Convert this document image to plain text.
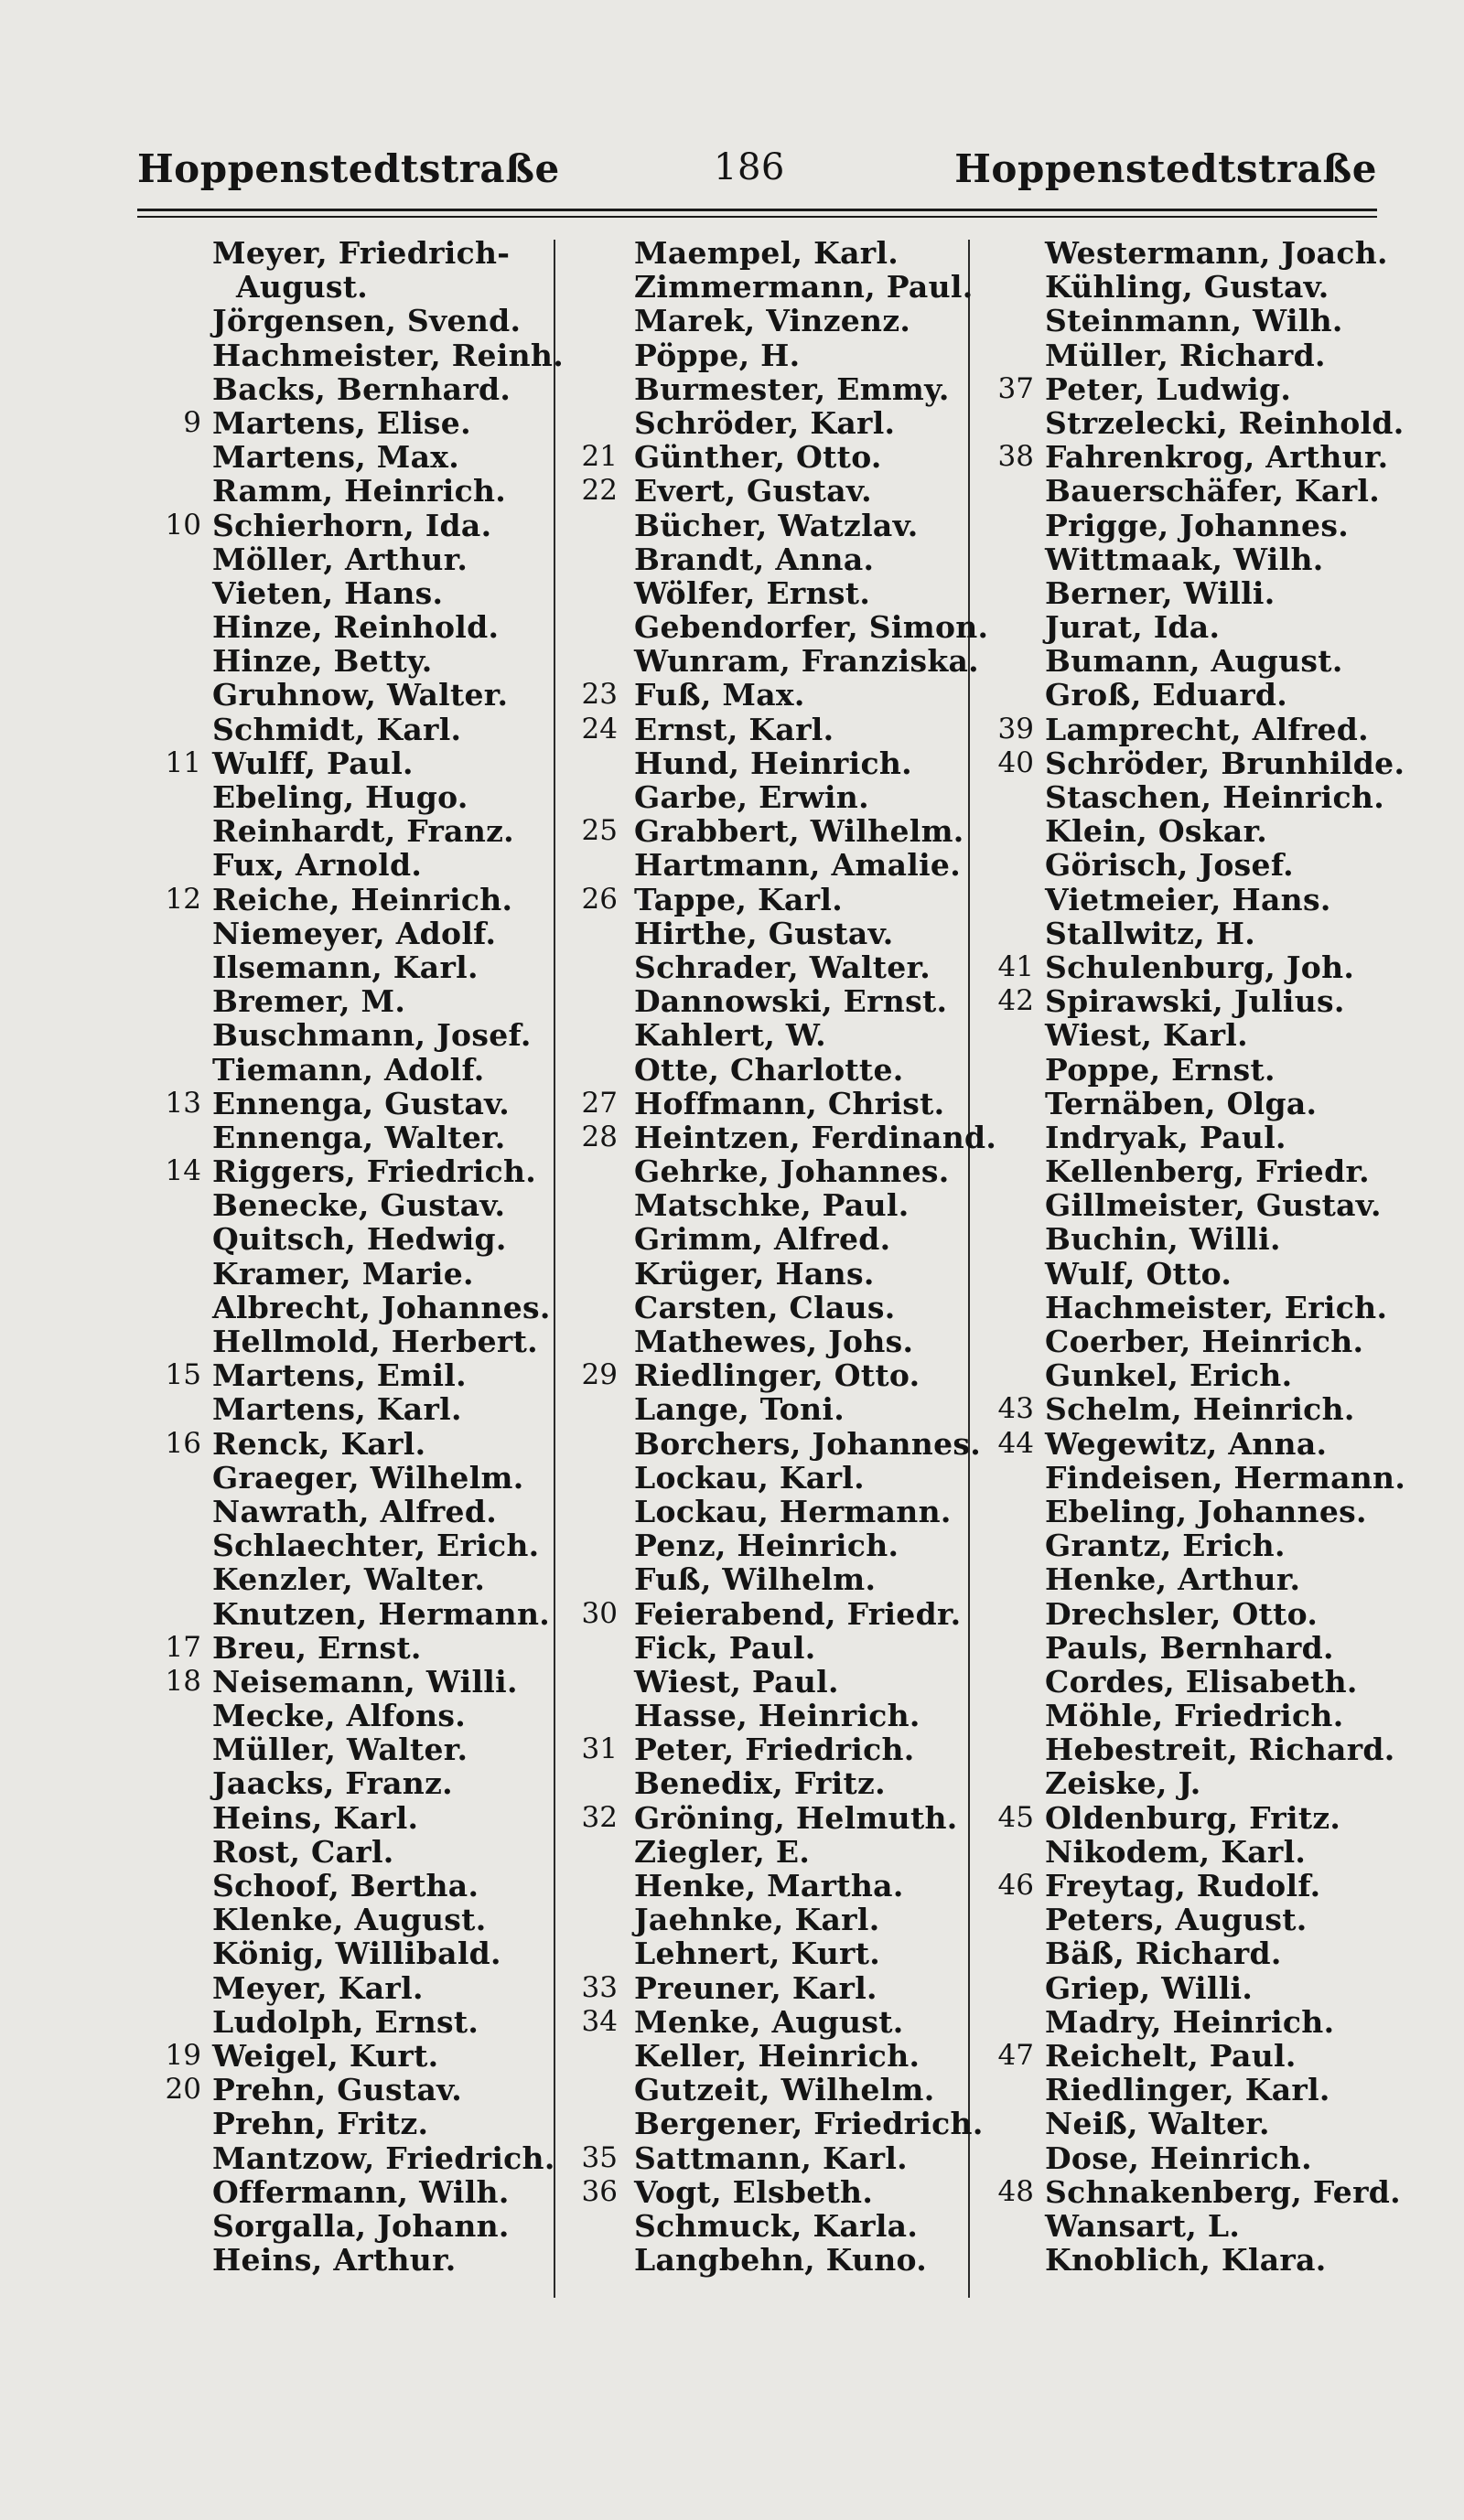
Hoppenstedtstraße	186	Hoppenstedtstraße
Meyer, Friedrich-
August.
Jörgensen, Svend.
Hachmeister, Reinh.
Backs, Bernhard.
9 Martens, Elise.
Martens, Max.
Ramm, Heinrich.
10 Schierhorn, Ida.
Möller, Arthur.
Vieten, Hans.
Hinze, Reinhold.
Hinze, Betty.
Gruhnow, Walter.
Schmidt, Karl.
11 Wulff, Paul.
Ebeling, Hugo.
Reinhardt, Franz.
Fux, Arnold.
12 Reiche, Heinrich.
Niemeyer, Adolf.
Ilsemann, Karl.
Bremer, M.
Buschmann, Josef.
Tiemann, Adolf.
13 Ennenga, Gustav.
Ennenga, Walter.
14 Riggers, Friedrich.
Benecke, Gustav.
Quitsch, Hedwig.
Kramer, Marie.
Albrecht, Johannes.
Hellmold, Herbert.
15 Martens, Emil.
Martens, Karl.
16 Renck, Karl.
Graeger, Wilhelm.
Nawrath, Alfred.
Schlaechter, Erich.
Kenzler, Walter.
Knutzen, Hermann.
17 Breu, Ernst.
18 Neisemann, Willi.
Mecke, Alfons.
Müller, Walter.
Jaacks, Franz.
Heins, Karl.
Rost, Carl.
Schoof, Bertha.
Klenke, August.
König, Willibald.
Meyer, Karl.
Ludolph, Ernst.
19 Weigel, Kurt.
20 Prehn, Gustav.
Prehn, Fritz.
Mantzow, Friedrich.
Offermann, Wilh.
Sorgalla, Johann.
Heins, Arthur.
Maempel, Karl.
Zimmermann, Paul.
Marek, Vinzenz.
Pöppe, H.
Burmester, Emmy.
Schröder, Karl.
21 Günther, Otto.
22 Evert, Gustav.
Bücher, Watzlav.
Brandt, Anna.
Wölfer, Ernst.
Gebendorfer, Simon.
Wunram, Franziska.
23 Fuß, Max.
24 Ernst, Karl.
Hund, Heinrich.
Garbe, Erwin.
25 Grabbert, Wilhelm.
Hartmann, Amalie.
26 Tappe, Karl.
Hirthe, Gustav.
Schrader, Walter.
Dannowski, Ernst.
Kahlert, W.
Otte, Charlotte.
27 Hoffmann, Christ.
28 Heintzen, Ferdinand.
Gehrke, Johannes.
Matschke, Paul.
Grimm, Alfred.
Krüger, Hans.
Carsten, Claus.
Mathewes, Johs.
29 Riedlinger, Otto.
Lange, Toni.
Borchers, Johannes.
Lockau, Karl.
Lockau, Hermann.
Penz, Heinrich.
Fuß, Wilhelm.
30 Feierabend, Friedr.
Fick, Paul.
Wiest, Paul.
Hasse, Heinrich.
31 Peter, Friedrich.
Benedix, Fritz.
32 Gröning, Helmuth.
Ziegler, E.
Henke, Martha.
Jaehnke, Karl.
Lehnert, Kurt.
33 Preuner, Karl.
34 Menke, August.
Keller, Heinrich.
Gutzeit, Wilhelm.
Bergener, Friedrich.
35 Sattmann, Karl.
36 Vogt, Elsbeth.
Schmuck, Karla.
Langbehn, Kuno.
Westermann, Joach.
Kühling, Gustav.
Steinmann, Wilh.
Müller, Richard.
37 Peter, Ludwig.
Strzelecki, Reinhold.
38 Fahrenkrog, Arthur.
Bauerschäfer, Karl.
Prigge, Johannes.
Wittmaak, Wilh.
Berner, Willi.
Jurat, Ida.
Bumann, August.
Groß, Eduard.
39 Lamprecht, Alfred.
40 Schröder, Brunhilde.
Staschen, Heinrich.
Klein, Oskar.
Görisch, Josef.
Vietmeier, Hans.
Stallwitz, H.
41 Schulenburg, Joh.
42 Spirawski, Julius.
Wiest, Karl.
Poppe, Ernst.
Ternäben, Olga.
Indryak, Paul.
Kellenberg, Friedr.
Gillmeister, Gustav.
Buchin, Willi.
Wulf, Otto.
Hachmeister, Erich.
Coerber, Heinrich.
Gunkel, Erich.
43 Schelm, Heinrich.
44 Wegewitz, Anna.
Findeisen, Hermann.
Ebeling, Johannes.
Grantz, Erich.
Henke, Arthur.
Drechsler, Otto.
Pauls, Bernhard.
Cordes, Elisabeth.
Möhle, Friedrich.
Hebestreit, Richard.
Zeiske, J.
45 Oldenburg, Fritz.
Nikodem, Karl.
46 Freytag, Rudolf.
Peters, August.
Bäß, Richard.
Griep, Willi.
Madry, Heinrich.
47 Reichelt, Paul.
Riedlinger, Karl.
Neiß, Walter.
Dose, Heinrich.
48 Schnakenberg, Ferd.
Wansart, L.
Knoblich, Klara.
